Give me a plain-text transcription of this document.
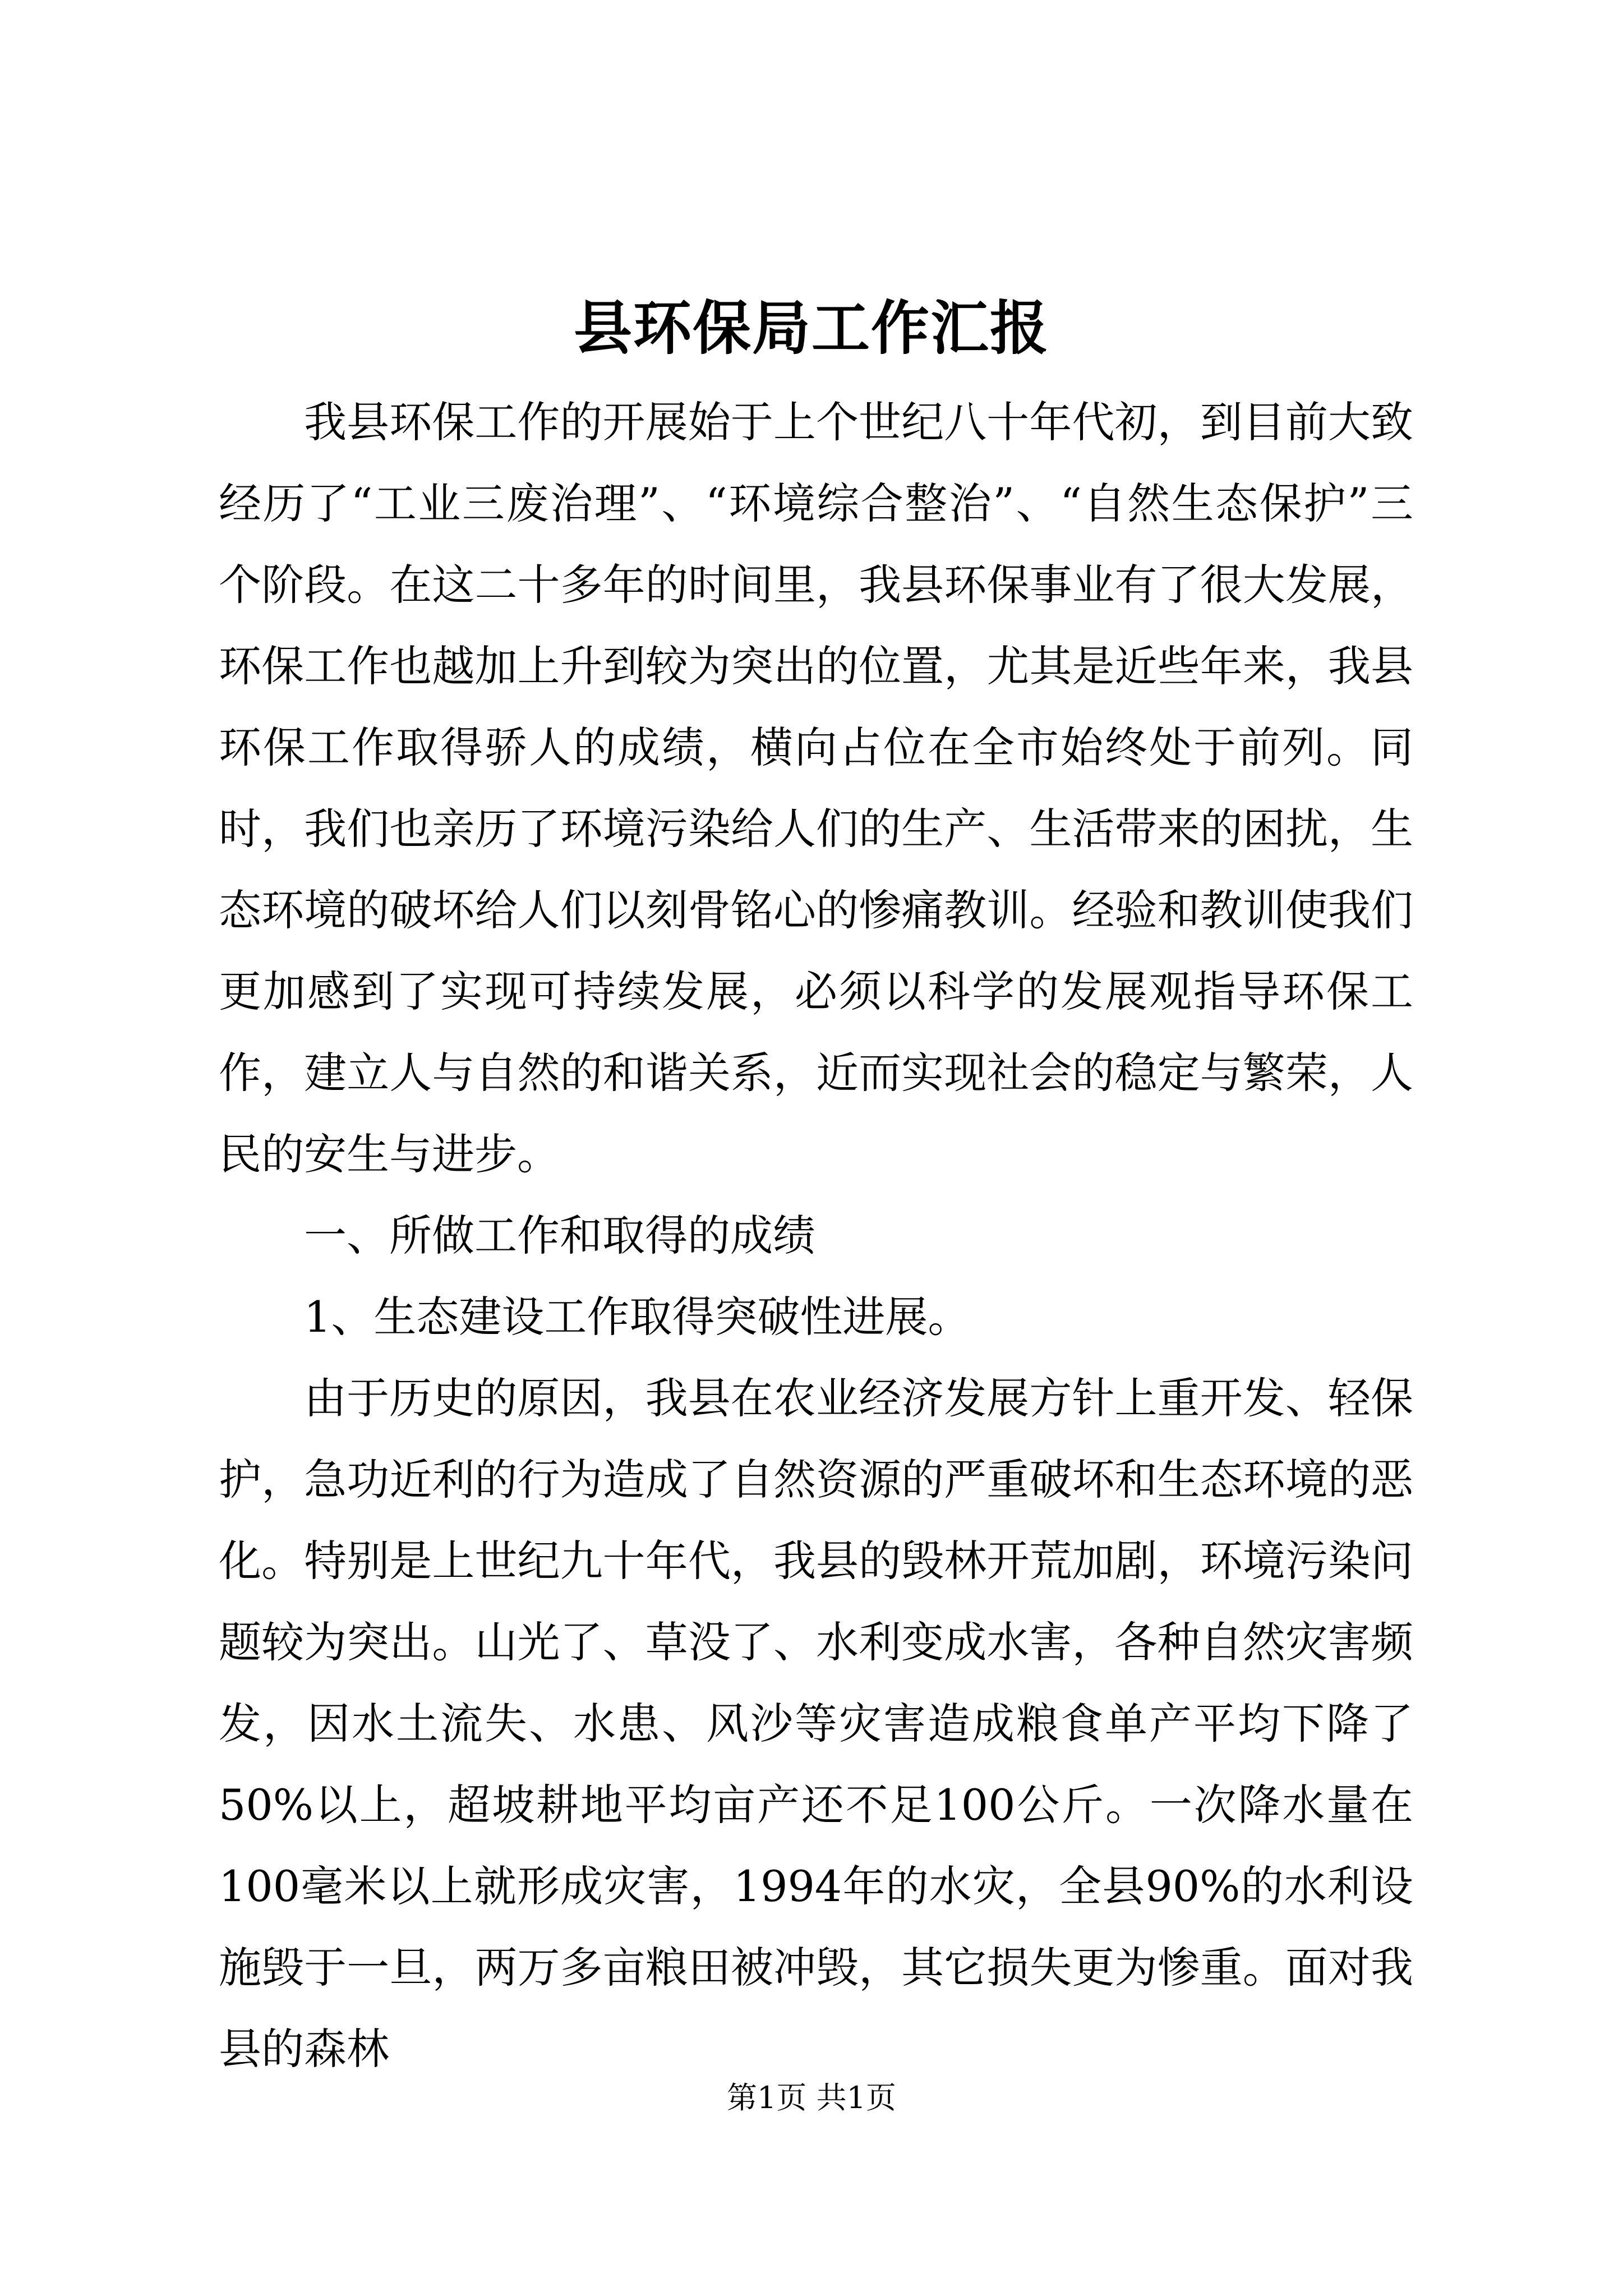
县环保局工作汇报

我县环保工作的开展始于上个世纪八十年代初，到目前大致经历了“工业三废治理”、“环境综合整治”、“自然生态保护”三个阶段。在这二十多年的时间里，我县环保事业有了很大发展，环保工作也越加上升到较为突出的位置，尤其是近些年来，我县环保工作取得骄人的成绩，横向占位在全市始终处于前列。同时，我们也亲历了环境污染给人们的生产、生活带来的困扰，生态环境的破坏给人们以刻骨铭心的惨痛教训。经验和教训使我们更加感到了实现可持续发展，必须以科学的发展观指导环保工作，建立人与自然的和谐关系，近而实现社会的稳定与繁荣，人民的安生与进步。

一、所做工作和取得的成绩

1、生态建设工作取得突破性进展。

由于历史的原因，我县在农业经济发展方针上重开发、轻保护，急功近利的行为造成了自然资源的严重破坏和生态环境的恶化。特别是上世纪九十年代，我县的毁林开荒加剧，环境污染问题较为突出。山光了、草没了、水利变成水害，各种自然灾害频发，因水土流失、水患、风沙等灾害造成粮食单产平均下降了50%以上，超坡耕地平均亩产还不足100公斤。一次降水量在100毫米以上就形成灾害，1994年的水灾，全县90%的水利设施毁于一旦，两万多亩粮田被冲毁，其它损失更为惨重。面对我县的森林

第1页 共1页
